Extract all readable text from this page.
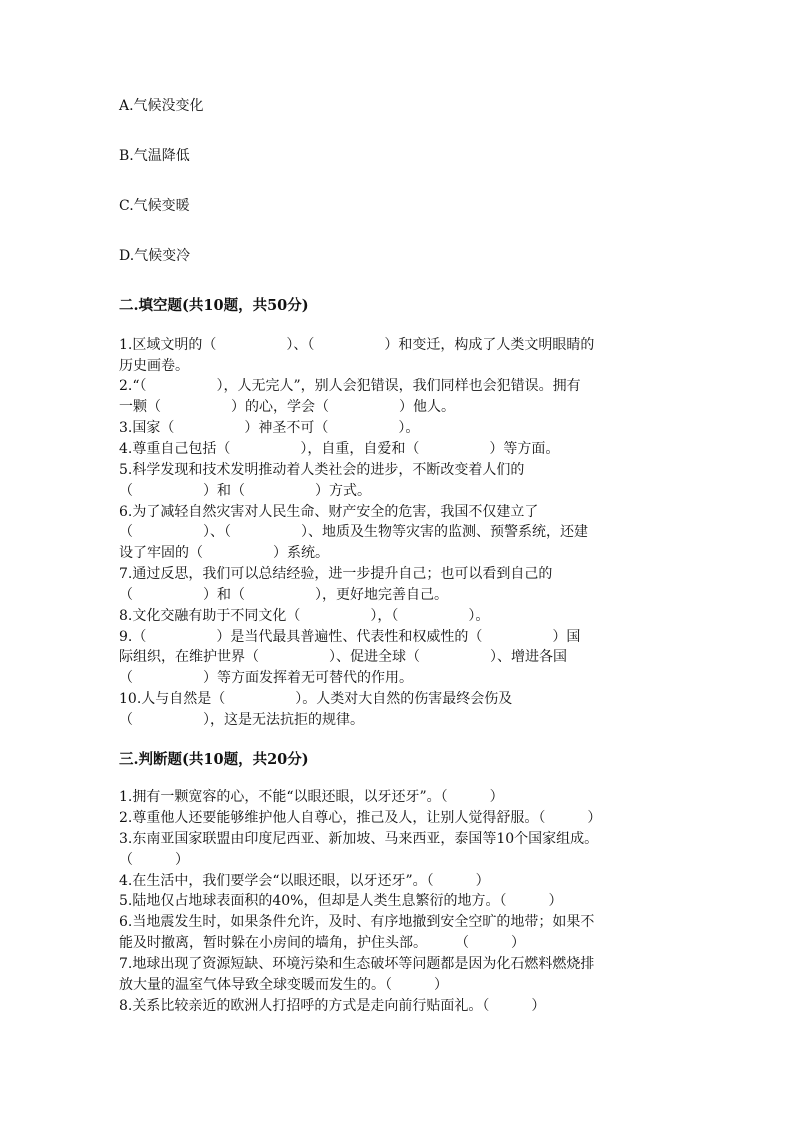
A.气候没变化
B.气温降低
C.气候变暖
D.气候变冷
二.填空题(共10题，共50分)
1.区域文明的（　　　　　）、（　　　　　）和变迁，构成了人类文明眼睛的
历史画卷。
2.“（　　　　　），人无完人”，别人会犯错误，我们同样也会犯错误。拥有
一颗（　　　　　）的心，学会（　　　　　）他人。
3.国家（　　　　　）神圣不可（　　　　　）。
4.尊重自己包括（　　　　　），自重，自爱和（　　　　　）等方面。
5.科学发现和技术发明推动着人类社会的进步，不断改变着人们的
（　　　　　）和（　　　　　）方式。
6.为了减轻自然灾害对人民生命、财产安全的危害，我国不仅建立了
（　　　　　）、（　　　　　）、地质及生物等灾害的监测、预警系统，还建
设了牢固的（　　　　　）系统。
7.通过反思，我们可以总结经验，进一步提升自己；也可以看到自己的
（　　　　　）和（　　　　　），更好地完善自己。
8.文化交融有助于不同文化（　　　　　），（　　　　　）。
9.（　　　　　）是当代最具普遍性、代表性和权威性的（　　　　　）国
际组织，在维护世界（　　　　　）、促进全球（　　　　　）、增进各国
（　　　　　）等方面发挥着无可替代的作用。
10.人与自然是（　　　　　）。人类对大自然的伤害最终会伤及
（　　　　　），这是无法抗拒的规律。
三.判断题(共10题，共20分)
1.拥有一颗宽容的心，不能“以眼还眼，以牙还牙”。（　　　）
2.尊重他人还要能够维护他人自尊心，推己及人，让别人觉得舒服。（　　　）
3.东南亚国家联盟由印度尼西亚、新加坡、马来西亚，泰国等10个国家组成。
（　　　）
4.在生活中，我们要学会“以眼还眼，以牙还牙”。（　　　）
5.陆地仅占地球表面积的40%，但却是人类生息繁衍的地方。（　　　）
6.当地震发生时，如果条件允许，及时、有序地撤到安全空旷的地带；如果不
能及时撤离，暂时躲在小房间的墙角，护住头部。　　　（　　　）
7.地球出现了资源短缺、环境污染和生态破坏等问题都是因为化石燃料燃烧排
放大量的温室气体导致全球变暖而发生的。（　　　）
8.关系比较亲近的欧洲人打招呼的方式是走向前行贴面礼。（　　　）
